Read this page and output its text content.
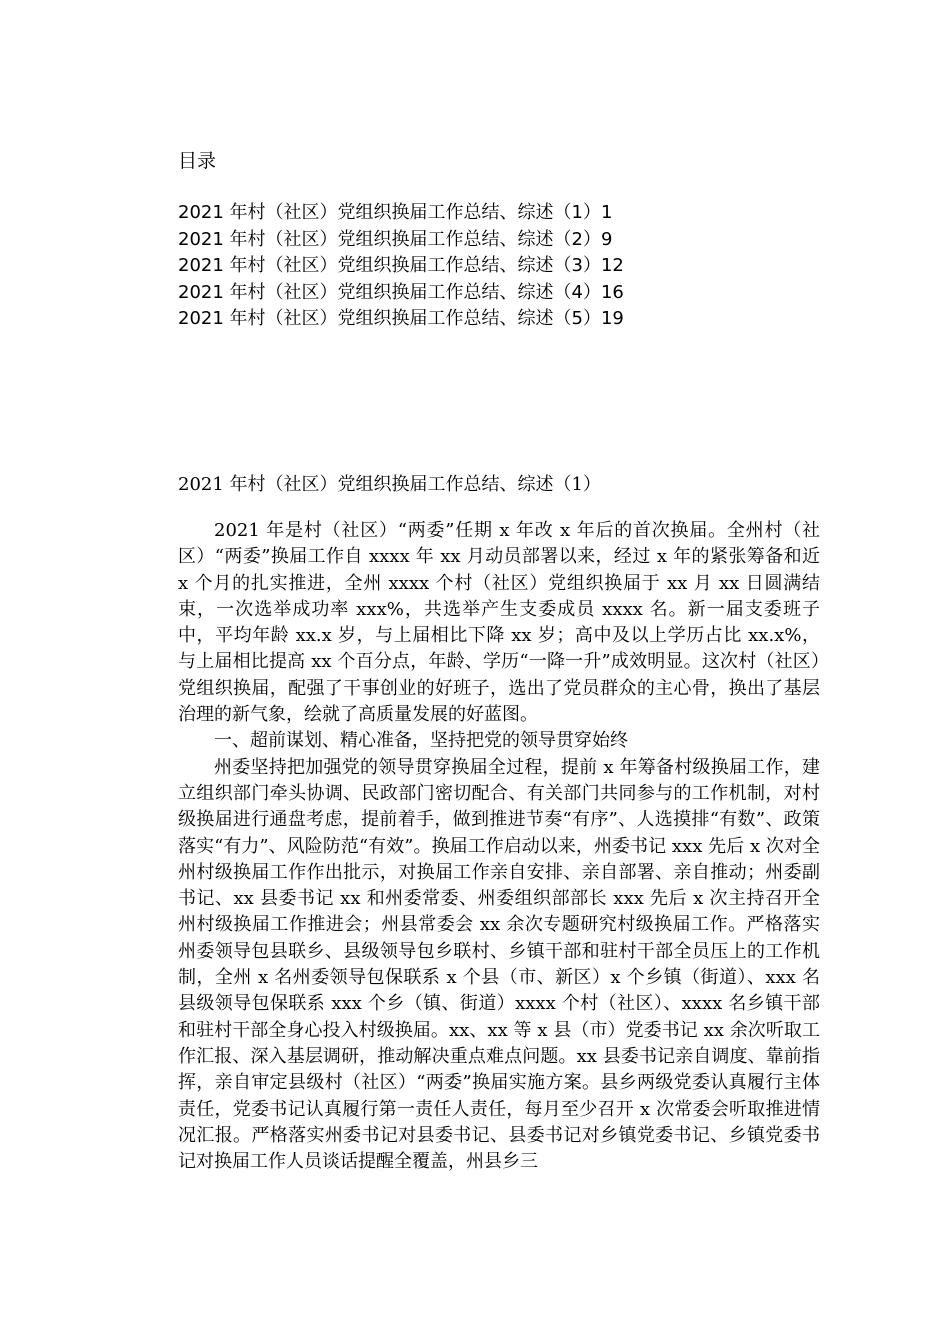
目录
2021 年村（社区）党组织换届工作总结、综述（1）1
2021 年村（社区）党组织换届工作总结、综述（2）9
2021 年村（社区）党组织换届工作总结、综述（3）12
2021 年村（社区）党组织换届工作总结、综述（4）16
2021 年村（社区）党组织换届工作总结、综述（5）19
2021 年村（社区）党组织换届工作总结、综述（1）

2021 年是村（社区）“两委”任期 x 年改 x 年后的首次换届。全州村（社区）“两委”换届工作自 xxxx 年 xx 月动员部署以来，经过 x 年的紧张筹备和近 x 个月的扎实推进，全州 xxxx 个村（社区）党组织换届于 xx 月 xx 日圆满结束，一次选举成功率 xxx%，共选举产生支委成员 xxxx 名。新一届支委班子中，平均年龄 xx.x 岁，与上届相比下降 xx 岁；高中及以上学历占比 xx.x%，与上届相比提高 xx 个百分点，年龄、学历“一降一升”成效明显。这次村（社区）党组织换届，配强了干事创业的好班子，选出了党员群众的主心骨，换出了基层治理的新气象，绘就了高质量发展的好蓝图。

一、超前谋划、精心准备，坚持把党的领导贯穿始终

州委坚持把加强党的领导贯穿换届全过程，提前 x 年筹备村级换届工作，建立组织部门牵头协调、民政部门密切配合、有关部门共同参与的工作机制，对村级换届进行通盘考虑，提前着手，做到推进节奏“有序”、人选摸排“有数”、政策落实“有力”、风险防范“有效”。换届工作启动以来，州委书记 xxx 先后 x 次对全州村级换届工作作出批示，对换届工作亲自安排、亲自部署、亲自推动；州委副书记、xx 县委书记 xx 和州委常委、州委组织部部长 xxx 先后 x 次主持召开全州村级换届工作推进会；州县常委会 xx 余次专题研究村级换届工作。严格落实州委领导包县联乡、县级领导包乡联村、乡镇干部和驻村干部全员压上的工作机制，全州 x 名州委领导包保联系 x 个县（市、新区）x 个乡镇（街道）、xxx 名县级领导包保联系 xxx 个乡（镇、街道）xxxx 个村（社区）、xxxx 名乡镇干部和驻村干部全身心投入村级换届。xx、xx 等 x 县（市）党委书记 xx 余次听取工作汇报、深入基层调研，推动解决重点难点问题。xx 县委书记亲自调度、靠前指挥，亲自审定县级村（社区）“两委”换届实施方案。县乡两级党委认真履行主体责任，党委书记认真履行第一责任人责任，每月至少召开 x 次常委会听取推进情况汇报。严格落实州委书记对县委书记、县委书记对乡镇党委书记、乡镇党委书记对换届工作人员谈话提醒全覆盖，州县乡三
